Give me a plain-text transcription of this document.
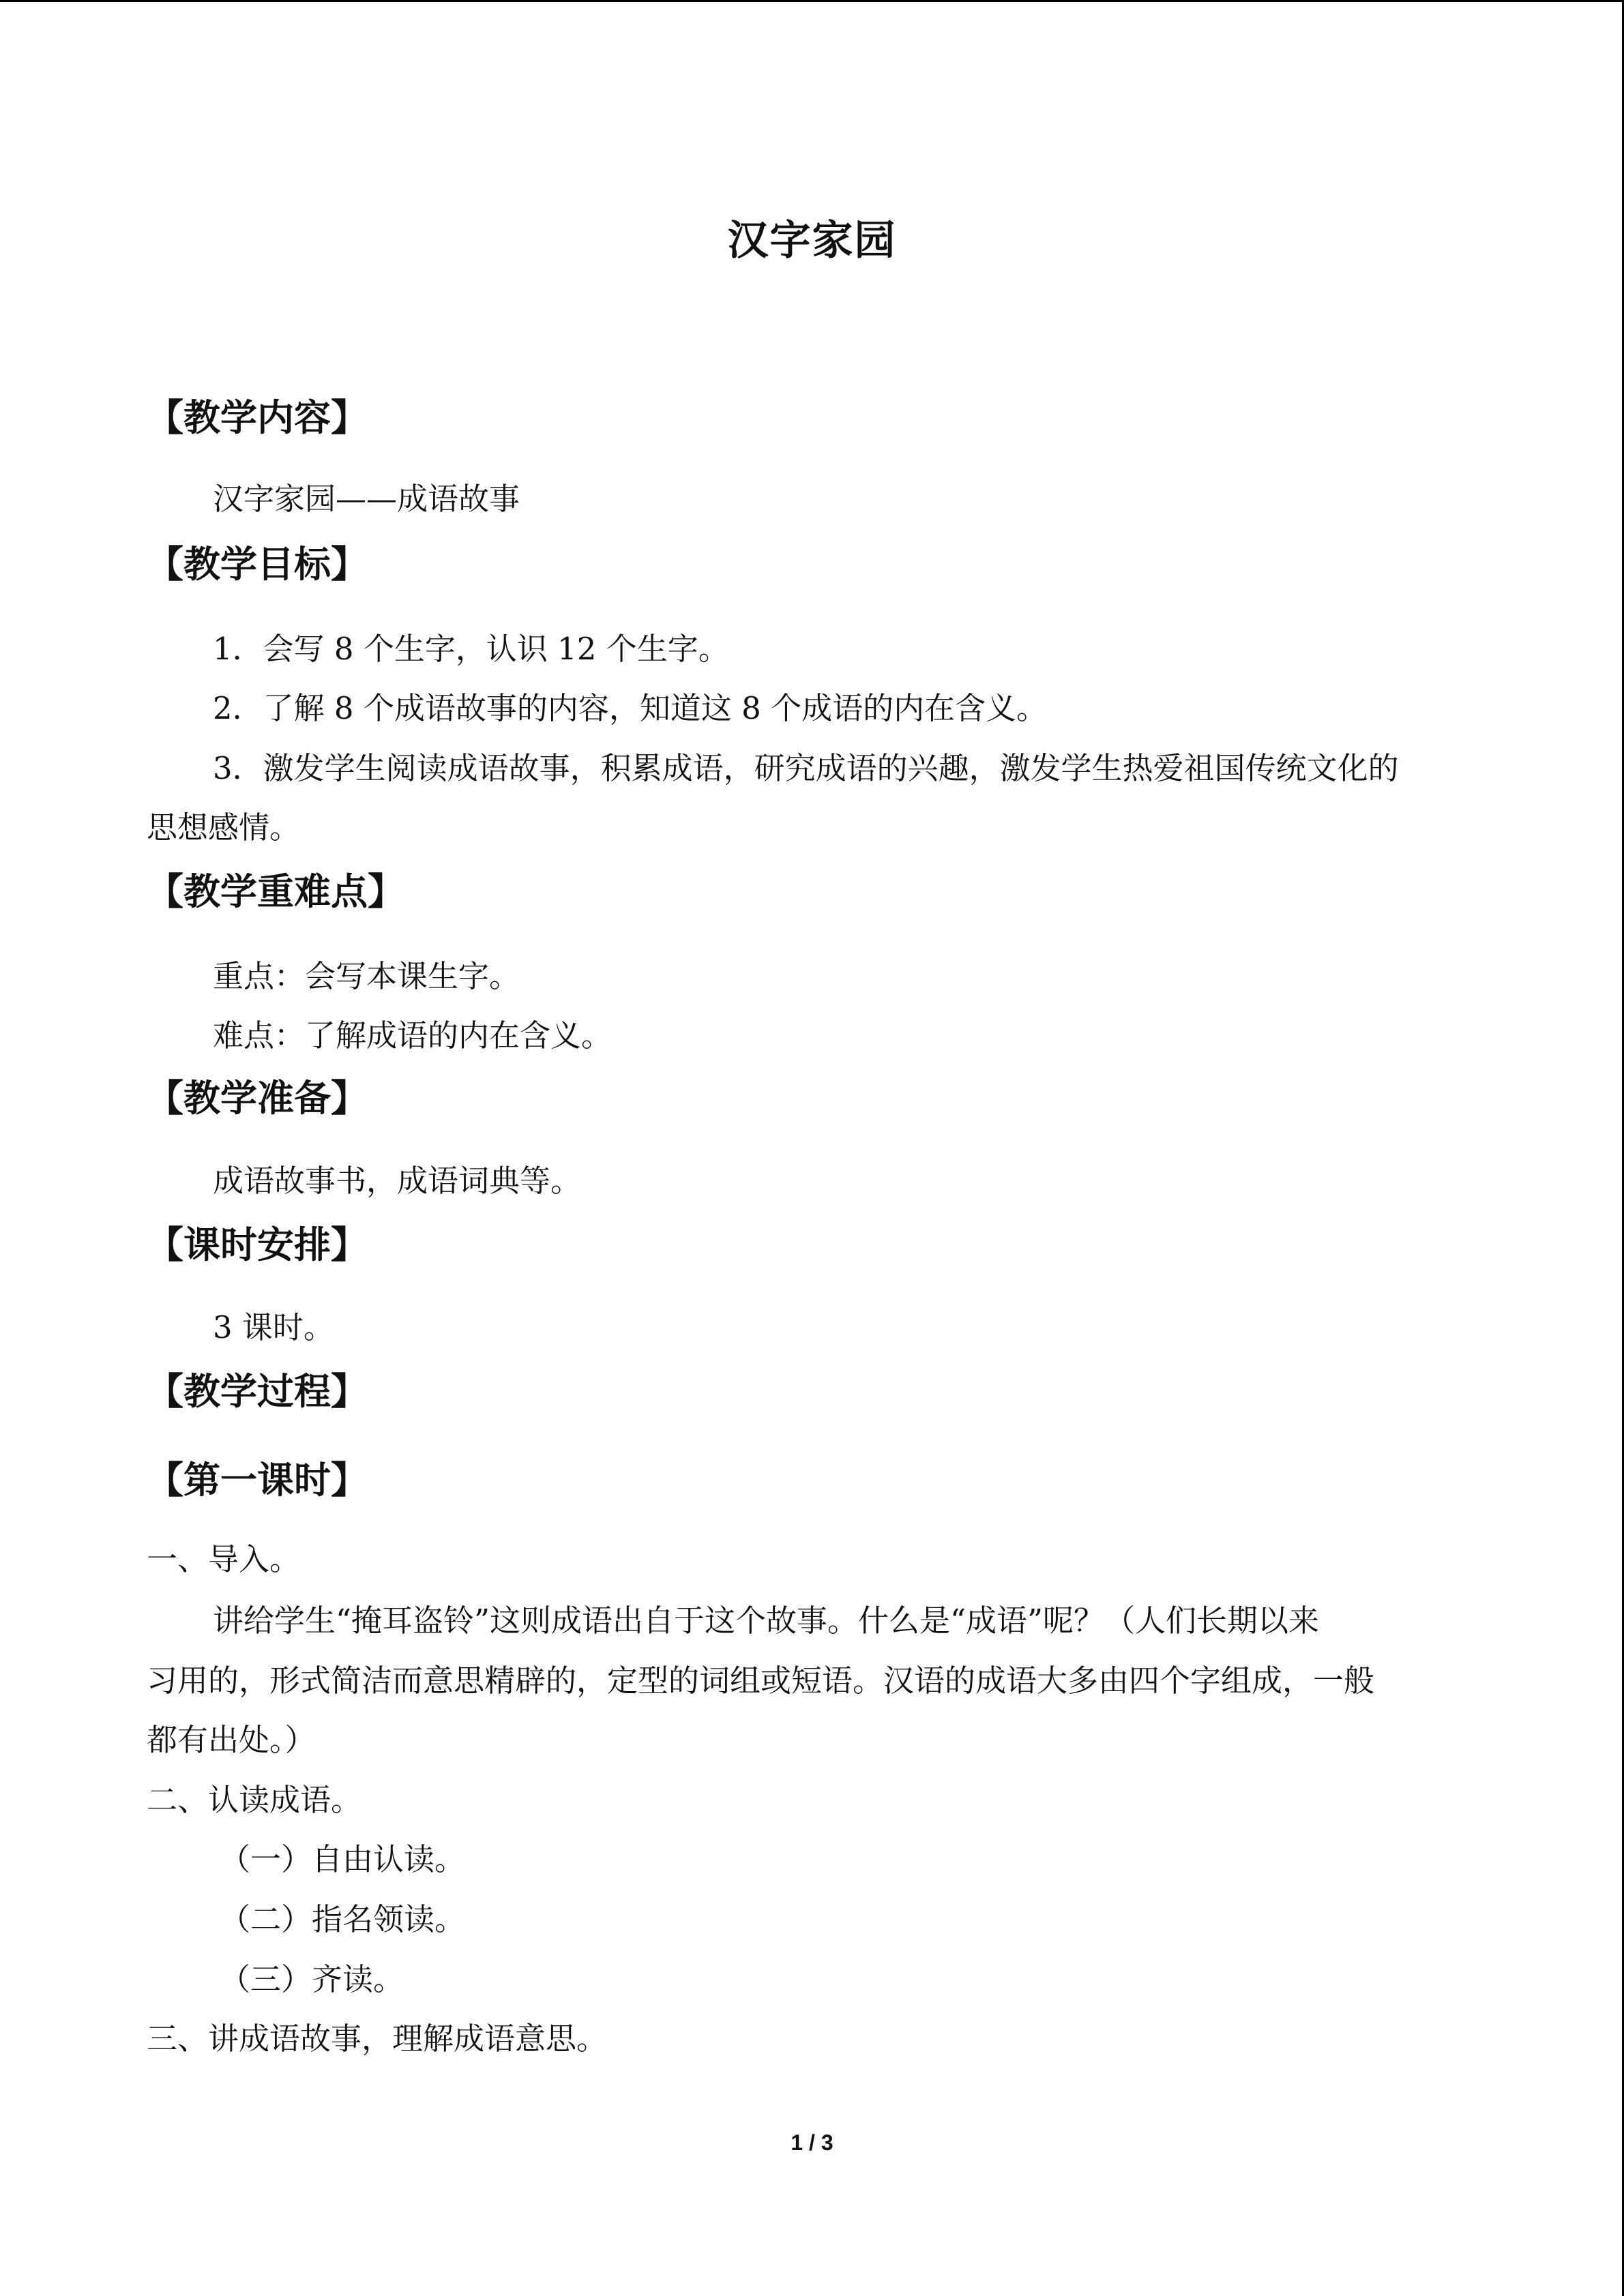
汉字家园
【教学内容】
汉字家园——成语故事
【教学目标】
1．会写 8 个生字，认识 12 个生字。
2．了解 8 个成语故事的内容，知道这 8 个成语的内在含义。
3．激发学生阅读成语故事，积累成语，研究成语的兴趣，激发学生热爱祖国传统文化的
思想感情。
【教学重难点】
重点：会写本课生字。
难点：了解成语的内在含义。
【教学准备】
成语故事书，成语词典等。
【课时安排】
3 课时。
【教学过程】
【第一课时】
一、导入。
讲给学生“掩耳盗铃”这则成语出自于这个故事。什么是“成语”呢？（人们长期以来
习用的，形式简洁而意思精辟的，定型的词组或短语。汉语的成语大多由四个字组成，一般
都有出处。）
二、认读成语。
（一）自由认读。
（二）指名领读。
（三）齐读。
三、讲成语故事，理解成语意思。
1 / 3
